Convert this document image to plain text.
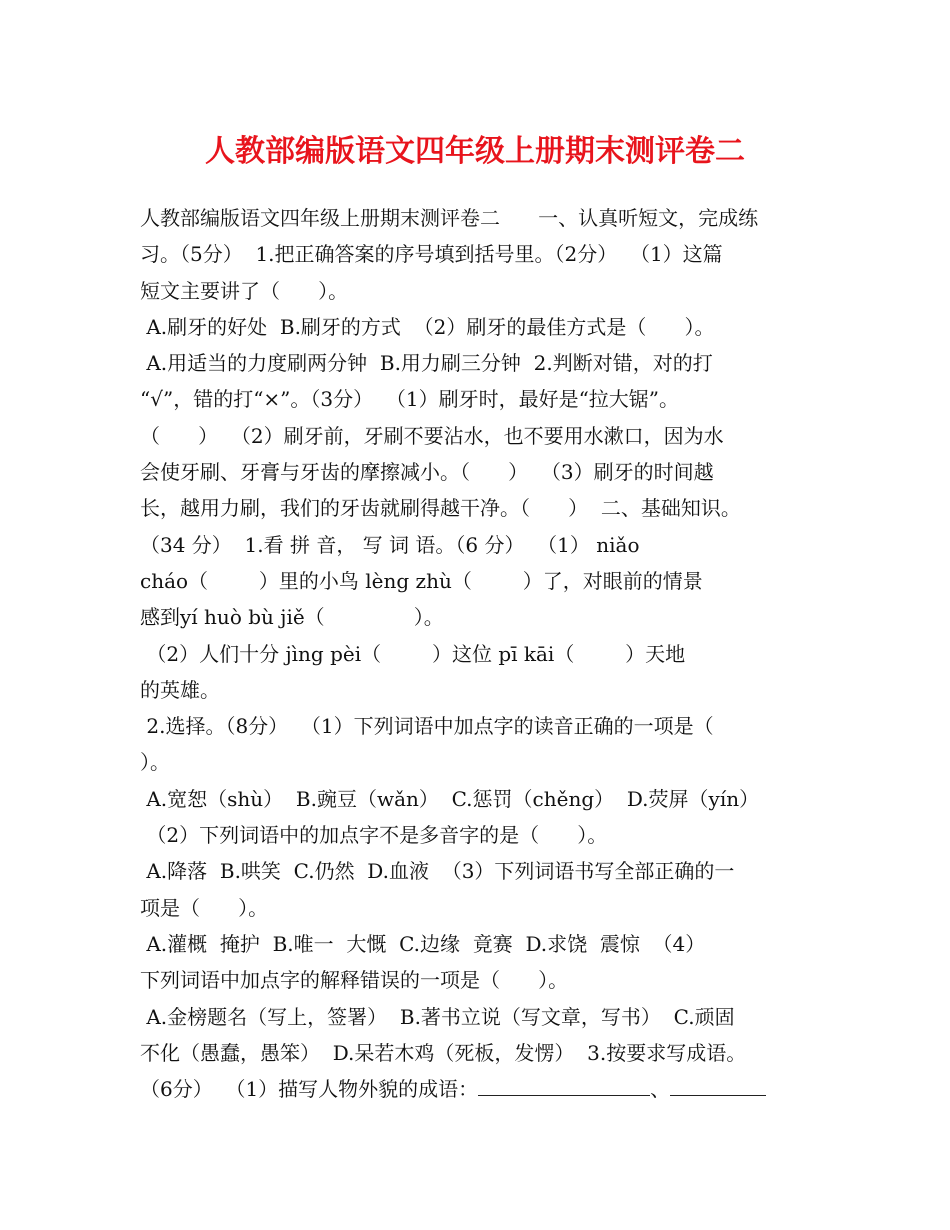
人教部编版语文四年级上册期末测评卷二
人教部编版语文四年级上册期末测评卷二      一、认真听短文，完成练
习。（5分）  1.把正确答案的序号填到括号里。（2分）  （1）这篇
短文主要讲了（      ）。
A.刷牙的好处  B.刷牙的方式  （2）刷牙的最佳方式是（      ）。
A.用适当的力度刷两分钟  B.用力刷三分钟  2.判断对错，对的打
“√”，错的打“×”。（3分）  （1）刷牙时，最好是“拉大锯”。
（      ）  （2）刷牙前，牙刷不要沾水，也不要用水漱口，因为水
会使牙刷、牙膏与牙齿的摩擦减小。（      ）  （3）刷牙的时间越
长，越用力刷，我们的牙齿就刷得越干净。（      ）  二、基础知识。
（34 分）  1.看 拼 音， 写 词 语。（6 分）  （1） niǎo
cháo（        ）里的小鸟 lèng zhù（        ）了，对眼前的情景
感到yí huò bù jiě（              ）。
（2）人们十分 jìng pèi（        ）这位 pī kāi（        ）天地
的英雄。
2.选择。（8分）  （1）下列词语中加点字的读音正确的一项是（
）。
A.宽恕（shù）  B.豌豆（wǎn）  C.惩罚（chěng）  D.荧屏（yín）
（2）下列词语中的加点字不是多音字的是（      ）。
A.降落  B.哄笑  C.仍然  D.血液  （3）下列词语书写全部正确的一
项是（      ）。
A.灌概  掩护  B.唯一  大慨  C.边缘  竟赛  D.求饶  震惊  （4）
下列词语中加点字的解释错误的一项是（      ）。
A.金榜题名（写上，签署）  B.著书立说（写文章，写书）  C.顽固
不化（愚蠢，愚笨）  D.呆若木鸡（死板，发愣）  3.按要求写成语。
（6分）  （1）描写人物外貌的成语：	、
